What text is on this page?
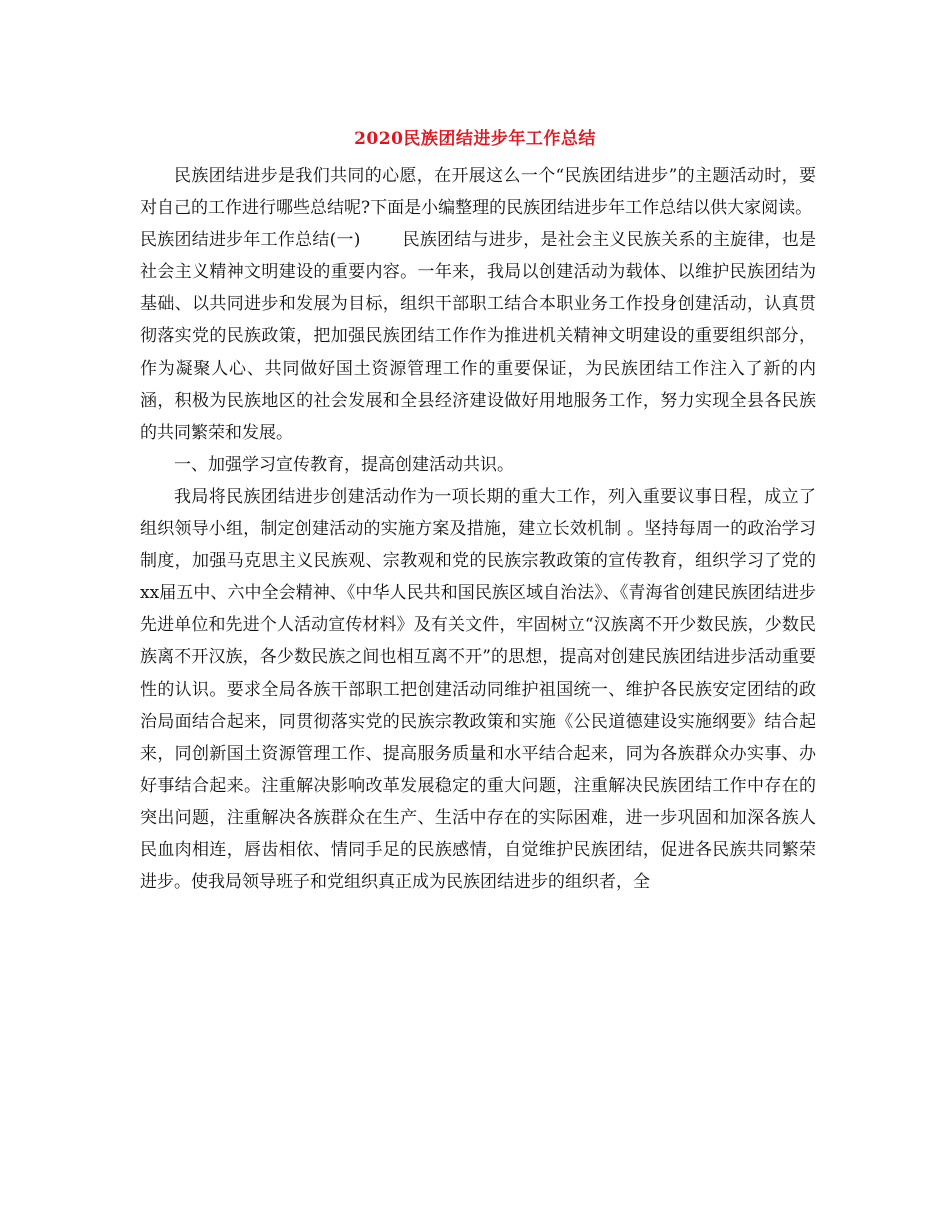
2020民族团结进步年工作总结

民族团结进步是我们共同的心愿，在开展这么一个“民族团结进步”的主题活动时，要对自己的工作进行哪些总结呢?下面是小编整理的民族团结进步年工作总结以供大家阅读。

民族团结进步年工作总结(一) 民族团结与进步，是社会主义民族关系的主旋律，也是社会主义精神文明建设的重要内容。一年来，我局以创建活动为载体、以维护民族团结为基础、以共同进步和发展为目标，组织干部职工结合本职业务工作投身创建活动，认真贯彻落实党的民族政策，把加强民族团结工作作为推进机关精神文明建设的重要组织部分，作为凝聚人心、共同做好国土资源管理工作的重要保证，为民族团结工作注入了新的内涵，积极为民族地区的社会发展和全县经济建设做好用地服务工作，努力实现全县各民族的共同繁荣和发展。

一、加强学习宣传教育，提高创建活动共识。

我局将民族团结进步创建活动作为一项长期的重大工作，列入重要议事日程，成立了组织领导小组，制定创建活动的实施方案及措施，建立长效机制 。坚持每周一的政治学习制度，加强马克思主义民族观、宗教观和党的民族宗教政策的宣传教育，组织学习了党的xx届五中、六中全会精神、《中华人民共和国民族区域自治法》、《青海省创建民族团结进步先进单位和先进个人活动宣传材料》及有关文件，牢固树立“汉族离不开少数民族，少数民族离不开汉族，各少数民族之间也相互离不开”的思想，提高对创建民族团结进步活动重要性的认识。要求全局各族干部职工把创建活动同维护祖国统一、维护各民族安定团结的政治局面结合起来，同贯彻落实党的民族宗教政策和实施《公民道德建设实施纲要》结合起来，同创新国土资源管理工作、提高服务质量和水平结合起来，同为各族群众办实事、办好事结合起来。注重解决影响改革发展稳定的重大问题，注重解决民族团结工作中存在的突出问题，注重解决各族群众在生产、生活中存在的实际困难，进一步巩固和加深各族人民血肉相连，唇齿相依、情同手足的民族感情，自觉维护民族团结，促进各民族共同繁荣进步。使我局领导班子和党组织真正成为民族团结进步的组织者，全
